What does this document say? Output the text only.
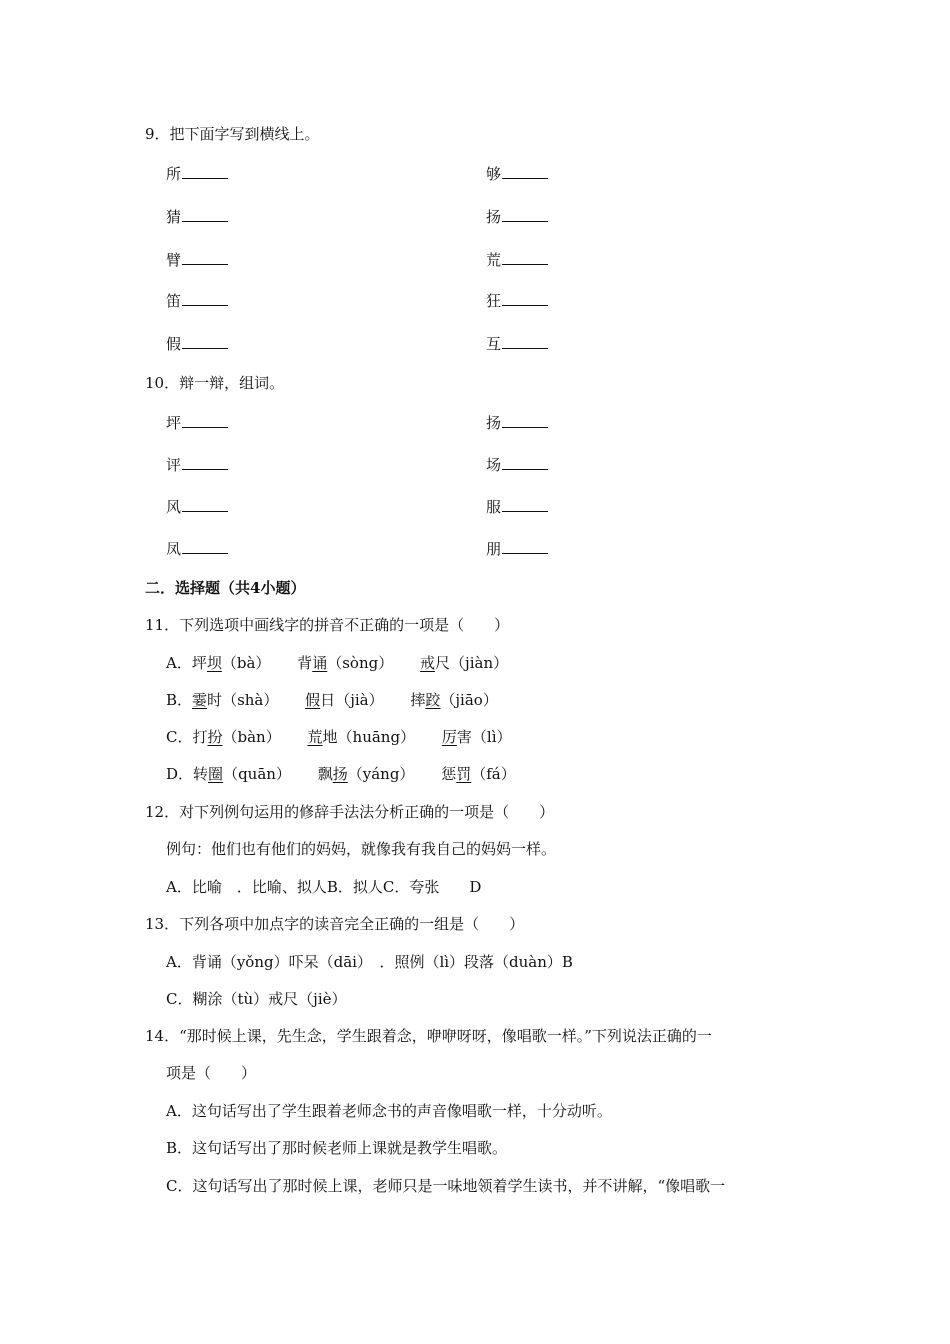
9．把下面字写到横线上。
所	够
猜	扬
臂	荒
笛	狂
假	互
10．辩一辩，组词。
坪	扬
评	场
风	服
凤	朋
二．选择题（共4小题）
11．下列选项中画线字的拼音不正确的一项是（　　）
A．坪坝（bà） 背诵（sòng） 戒尺（jiàn）
B．霎时（shà） 假日（jià） 摔跤（jiāo）
C．打扮（bàn） 荒地（huāng） 厉害（lì）
D．转圈（quān） 飘扬（yáng） 惩罚（fá）
12．对下列例句运用的修辞手法法分析正确的一项是（　　）
例句：他们也有他们的妈妈，就像我有我自己的妈妈一样。
A．比喻　．比喻、拟人B．拟人C．夸张　　D
13．下列各项中加点字的读音完全正确的一组是（　　）
A．背诵（yǒng）吓呆（dāi）　．照例（lì）段落（duàn）B
C．糊涂（tù）戒尺（jiè）
14．“那时候上课，先生念，学生跟着念，咿咿呀呀，像唱歌一样。”下列说法正确的一
项是（　　）
A．这句话写出了学生跟着老师念书的声音像唱歌一样，十分动听。
B．这句话写出了那时候老师上课就是教学生唱歌。
C．这句话写出了那时候上课，老师只是一味地领着学生读书，并不讲解，“像唱歌一
